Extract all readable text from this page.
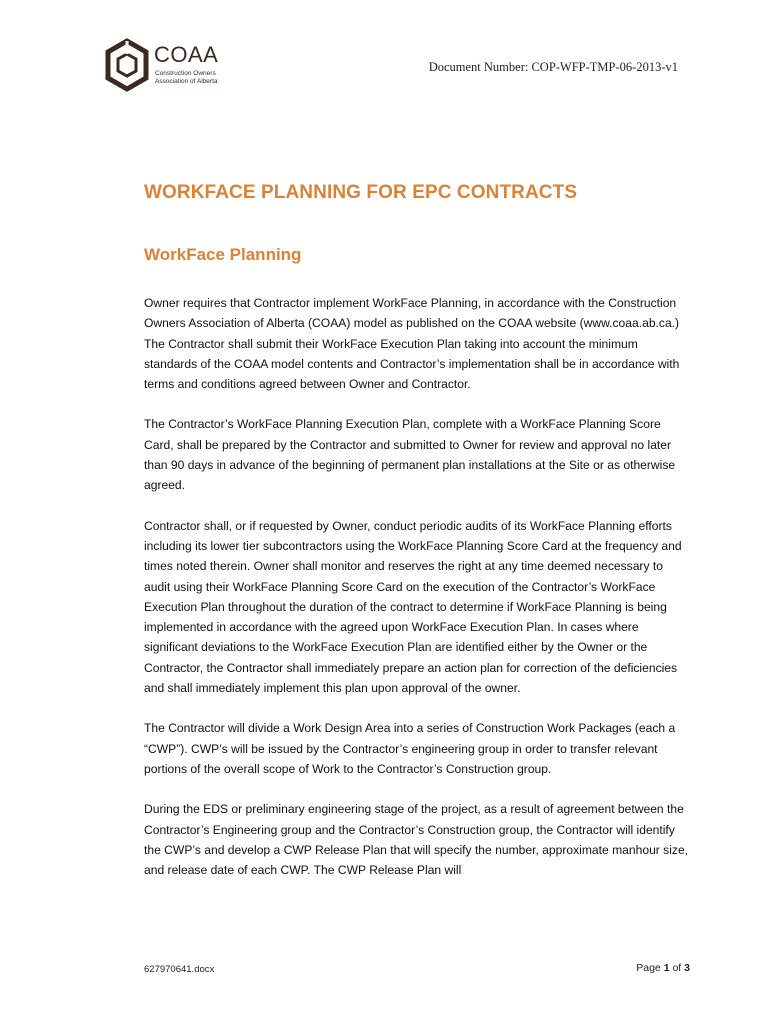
COAA
Construction Owners
Association of Alberta
Document Number: COP-WFP-TMP-06-2013-v1
WORKFACE PLANNING FOR EPC CONTRACTS
WorkFace Planning

Owner requires that Contractor implement WorkFace Planning, in accordance with the Construction Owners Association of Alberta (COAA) model as published on the COAA website (www.coaa.ab.ca.) The Contractor shall submit their WorkFace Execution Plan taking into account the minimum standards of the COAA model contents and Contractor’s implementation shall be in accordance with terms and conditions agreed between Owner and Contractor.

The Contractor’s WorkFace Planning Execution Plan, complete with a WorkFace Planning Score Card, shall be prepared by the Contractor and submitted to Owner for review and approval no later than 90 days in advance of the beginning of permanent plan installations at the Site or as otherwise agreed.

Contractor shall, or if requested by Owner, conduct periodic audits of its WorkFace Planning efforts including its lower tier subcontractors using the WorkFace Planning Score Card at the frequency and times noted therein. Owner shall monitor and reserves the right at any time deemed necessary to audit using their WorkFace Planning Score Card on the execution of the Contractor’s WorkFace Execution Plan throughout the duration of the contract to determine if WorkFace Planning is being implemented in accordance with the agreed upon WorkFace Execution Plan. In cases where significant deviations to the WorkFace Execution Plan are identified either by the Owner or the Contractor, the Contractor shall immediately prepare an action plan for correction of the deficiencies and shall immediately implement this plan upon approval of the owner.

The Contractor will divide a Work Design Area into a series of Construction Work Packages (each a “CWP”). CWP’s will be issued by the Contractor’s engineering group in order to transfer relevant portions of the overall scope of Work to the Contractor’s Construction group.

During the EDS or preliminary engineering stage of the project, as a result of agreement between the Contractor’s Engineering group and the Contractor’s Construction group, the Contractor will identify the CWP’s and develop a CWP Release Plan that will specify the number, approximate manhour size, and release date of each CWP. The CWP Release Plan will

627970641.docx	Page 1 of 3
